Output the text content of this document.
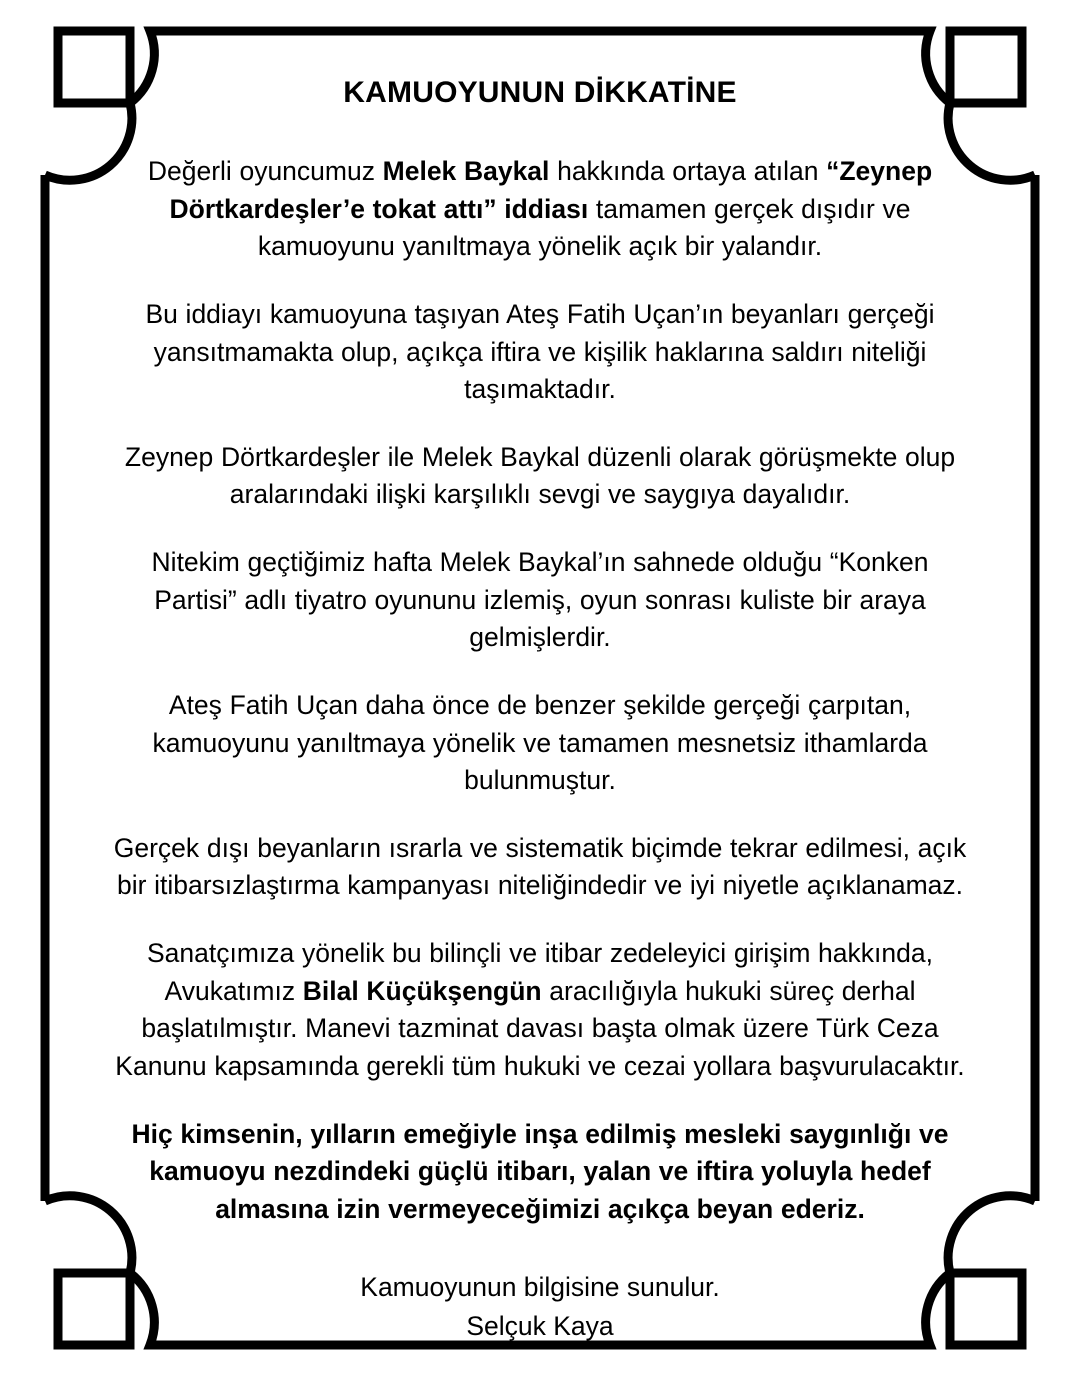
KAMUOYUNUN DİKKATİNE

Değerli oyuncumuz Melek Baykal hakkında ortaya atılan “Zeynep Dörtkardeşler’e tokat attı” iddiası tamamen gerçek dışıdır ve kamuoyunu yanıltmaya yönelik açık bir yalandır.

Bu iddiayı kamuoyuna taşıyan Ateş Fatih Uçan’ın beyanları gerçeği yansıtmamakta olup, açıkça iftira ve kişilik haklarına saldırı niteliği taşımaktadır.

Zeynep Dörtkardeşler ile Melek Baykal düzenli olarak görüşmekte olup aralarındaki ilişki karşılıklı sevgi ve saygıya dayalıdır.

Nitekim geçtiğimiz hafta Melek Baykal’ın sahnede olduğu “Konken Partisi” adlı tiyatro oyununu izlemiş, oyun sonrası kuliste bir araya gelmişlerdir.

Ateş Fatih Uçan daha önce de benzer şekilde gerçeği çarpıtan, kamuoyunu yanıltmaya yönelik ve tamamen mesnetsiz ithamlarda bulunmuştur.

Gerçek dışı beyanların ısrarla ve sistematik biçimde tekrar edilmesi, açık bir itibarsızlaştırma kampanyası niteliğindedir ve iyi niyetle açıklanamaz.

Sanatçımıza yönelik bu bilinçli ve itibar zedeleyici girişim hakkında, Avukatımız Bilal Küçükşengün aracılığıyla hukuki süreç derhal başlatılmıştır. Manevi tazminat davası başta olmak üzere Türk Ceza Kanunu kapsamında gerekli tüm hukuki ve cezai yollara başvurulacaktır.

Hiç kimsenin, yılların emeğiyle inşa edilmiş mesleki saygınlığı ve kamuoyu nezdindeki güçlü itibarı, yalan ve iftira yoluyla hedef almasına izin vermeyeceğimizi açıkça beyan ederiz.

Kamuoyunun bilgisine sunulur.
Selçuk Kaya
